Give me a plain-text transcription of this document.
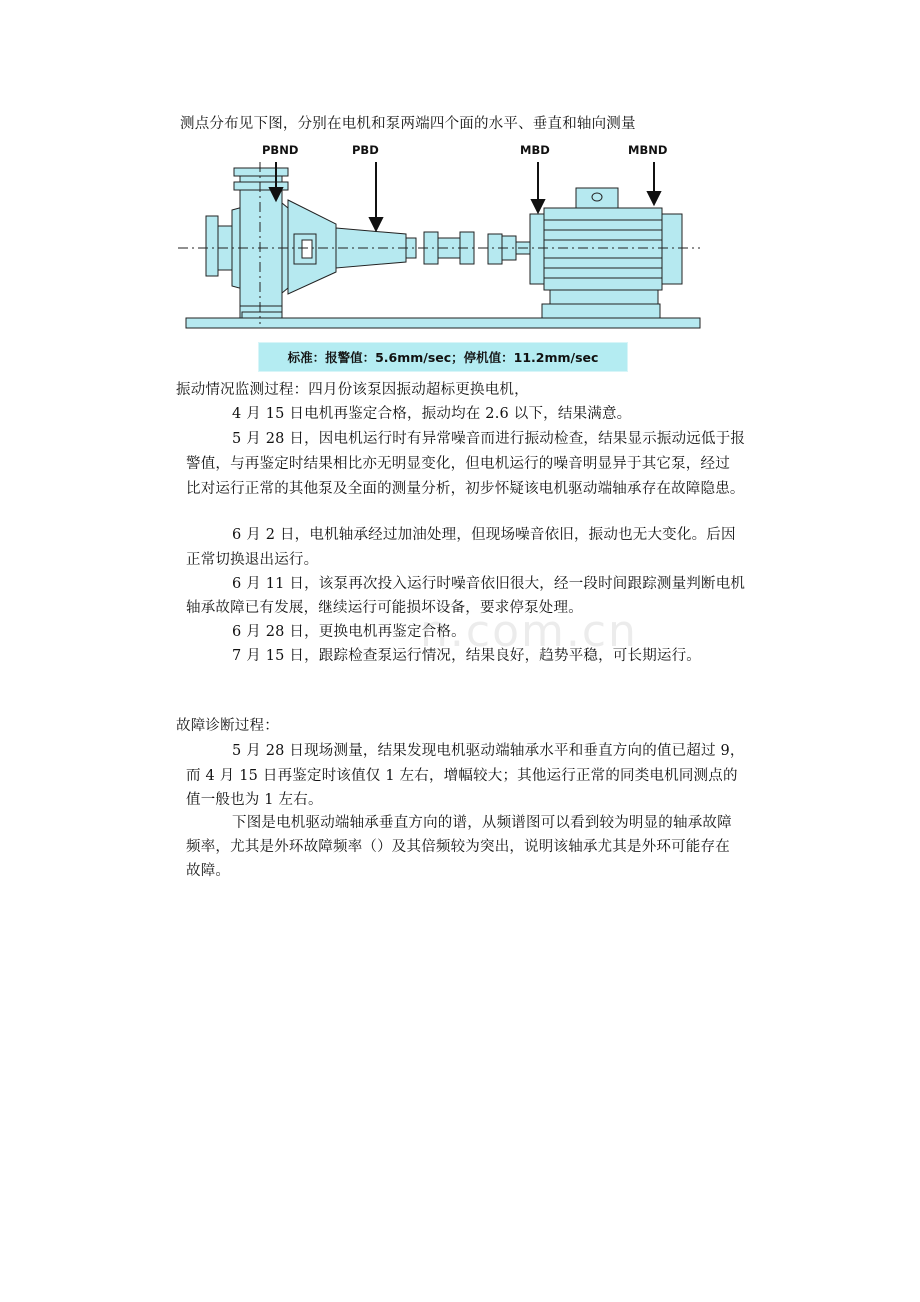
测点分布见下图，分别在电机和泵两端四个面的水平、垂直和轴向测量
PBND	PBD	MBD	MBND
标准：报警值：5.6mm/sec；停机值：11.2mm/sec
振动情况监测过程：四月份该泵因振动超标更换电机，
4 月 15 日电机再鉴定合格，振动均在 2.6 以下，结果满意。
5 月 28 日，因电机运行时有异常噪音而进行振动检查，结果显示振动远低于报
警值，与再鉴定时结果相比亦无明显变化，但电机运行的噪音明显异于其它泵，经过
比对运行正常的其他泵及全面的测量分析，初步怀疑该电机驱动端轴承存在故障隐患。
6 月 2 日，电机轴承经过加油处理，但现场噪音依旧，振动也无大变化。后因
正常切换退出运行。
6 月 11 日，该泵再次投入运行时噪音依旧很大，经一段时间跟踪测量判断电机
轴承故障已有发展，继续运行可能损坏设备，要求停泵处理。
6 月 28 日，更换电机再鉴定合格。
7 月 15 日，跟踪检查泵运行情况，结果良好，趋势平稳，可长期运行。
n.com.cn
故障诊断过程：
5 月 28 日现场测量，结果发现电机驱动端轴承水平和垂直方向的值已超过 9，
而 4 月 15 日再鉴定时该值仅 1 左右，增幅较大；其他运行正常的同类电机同测点的
值一般也为 1 左右。
下图是电机驱动端轴承垂直方向的谱，从频谱图可以看到较为明显的轴承故障
频率，尤其是外环故障频率（）及其倍频较为突出，说明该轴承尤其是外环可能存在
故障。
